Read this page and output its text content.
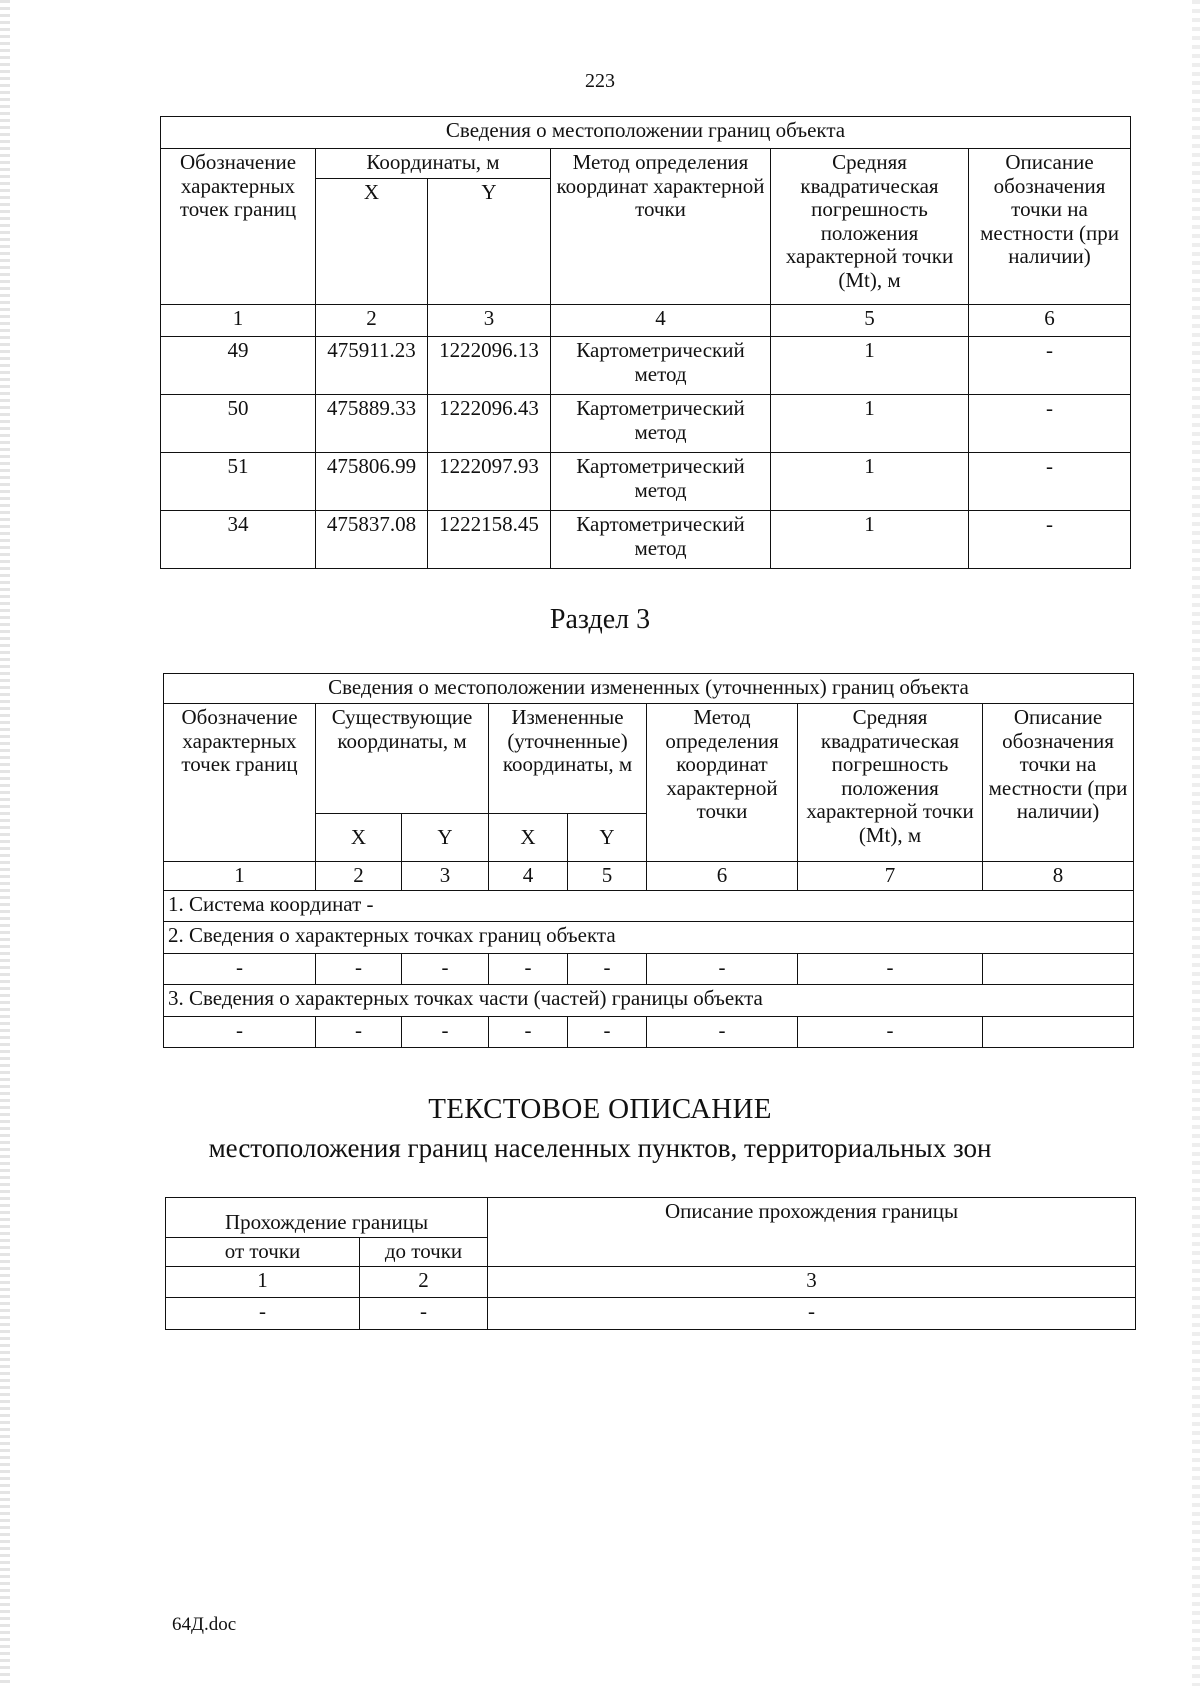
223
Сведения о местоположении границ объекта					
Обозначение характерных точек границ	Координаты, м		Метод определения координат характерной точки	Средняя квадратическая погрешность положения характерной точки (Mt), м	Описание обозначения точки на местности (при наличии)
	X	Y			
1	2	3	4	5	6
49	475911.23	1222096.13	Картометрический метод	1	-
50	475889.33	1222096.43	Картометрический метод	1	-
51	475806.99	1222097.93	Картометрический метод	1	-
34	475837.08	1222158.45	Картометрический метод	1	-
Раздел 3
Сведения о местоположении измененных (уточненных) границ объекта							
Обозначение характерных точек границ	Существующие координаты, м		Измененные (уточненные) координаты, м		Метод определения координат характерной точки	Средняя квадратическая погрешность положения характерной точки (Mt), м	Описание обозначения точки на местности (при наличии)
	X	Y	X	Y			
1	2	3	4	5	6	7	8
1. Система координат -							
2. Сведения о характерных точках границ объекта							
-	-	-	-	-	-	-	
3. Сведения о характерных точках части (частей) границы объекта							
-	-	-	-	-	-	-	
ТЕКСТОВОЕ ОПИСАНИЕ
местоположения границ населенных пунктов, территориальных зон
Прохождение границы		Описание прохождения границы
от точки	до точки	
1	2	3
-	-	-
64Д.doc
